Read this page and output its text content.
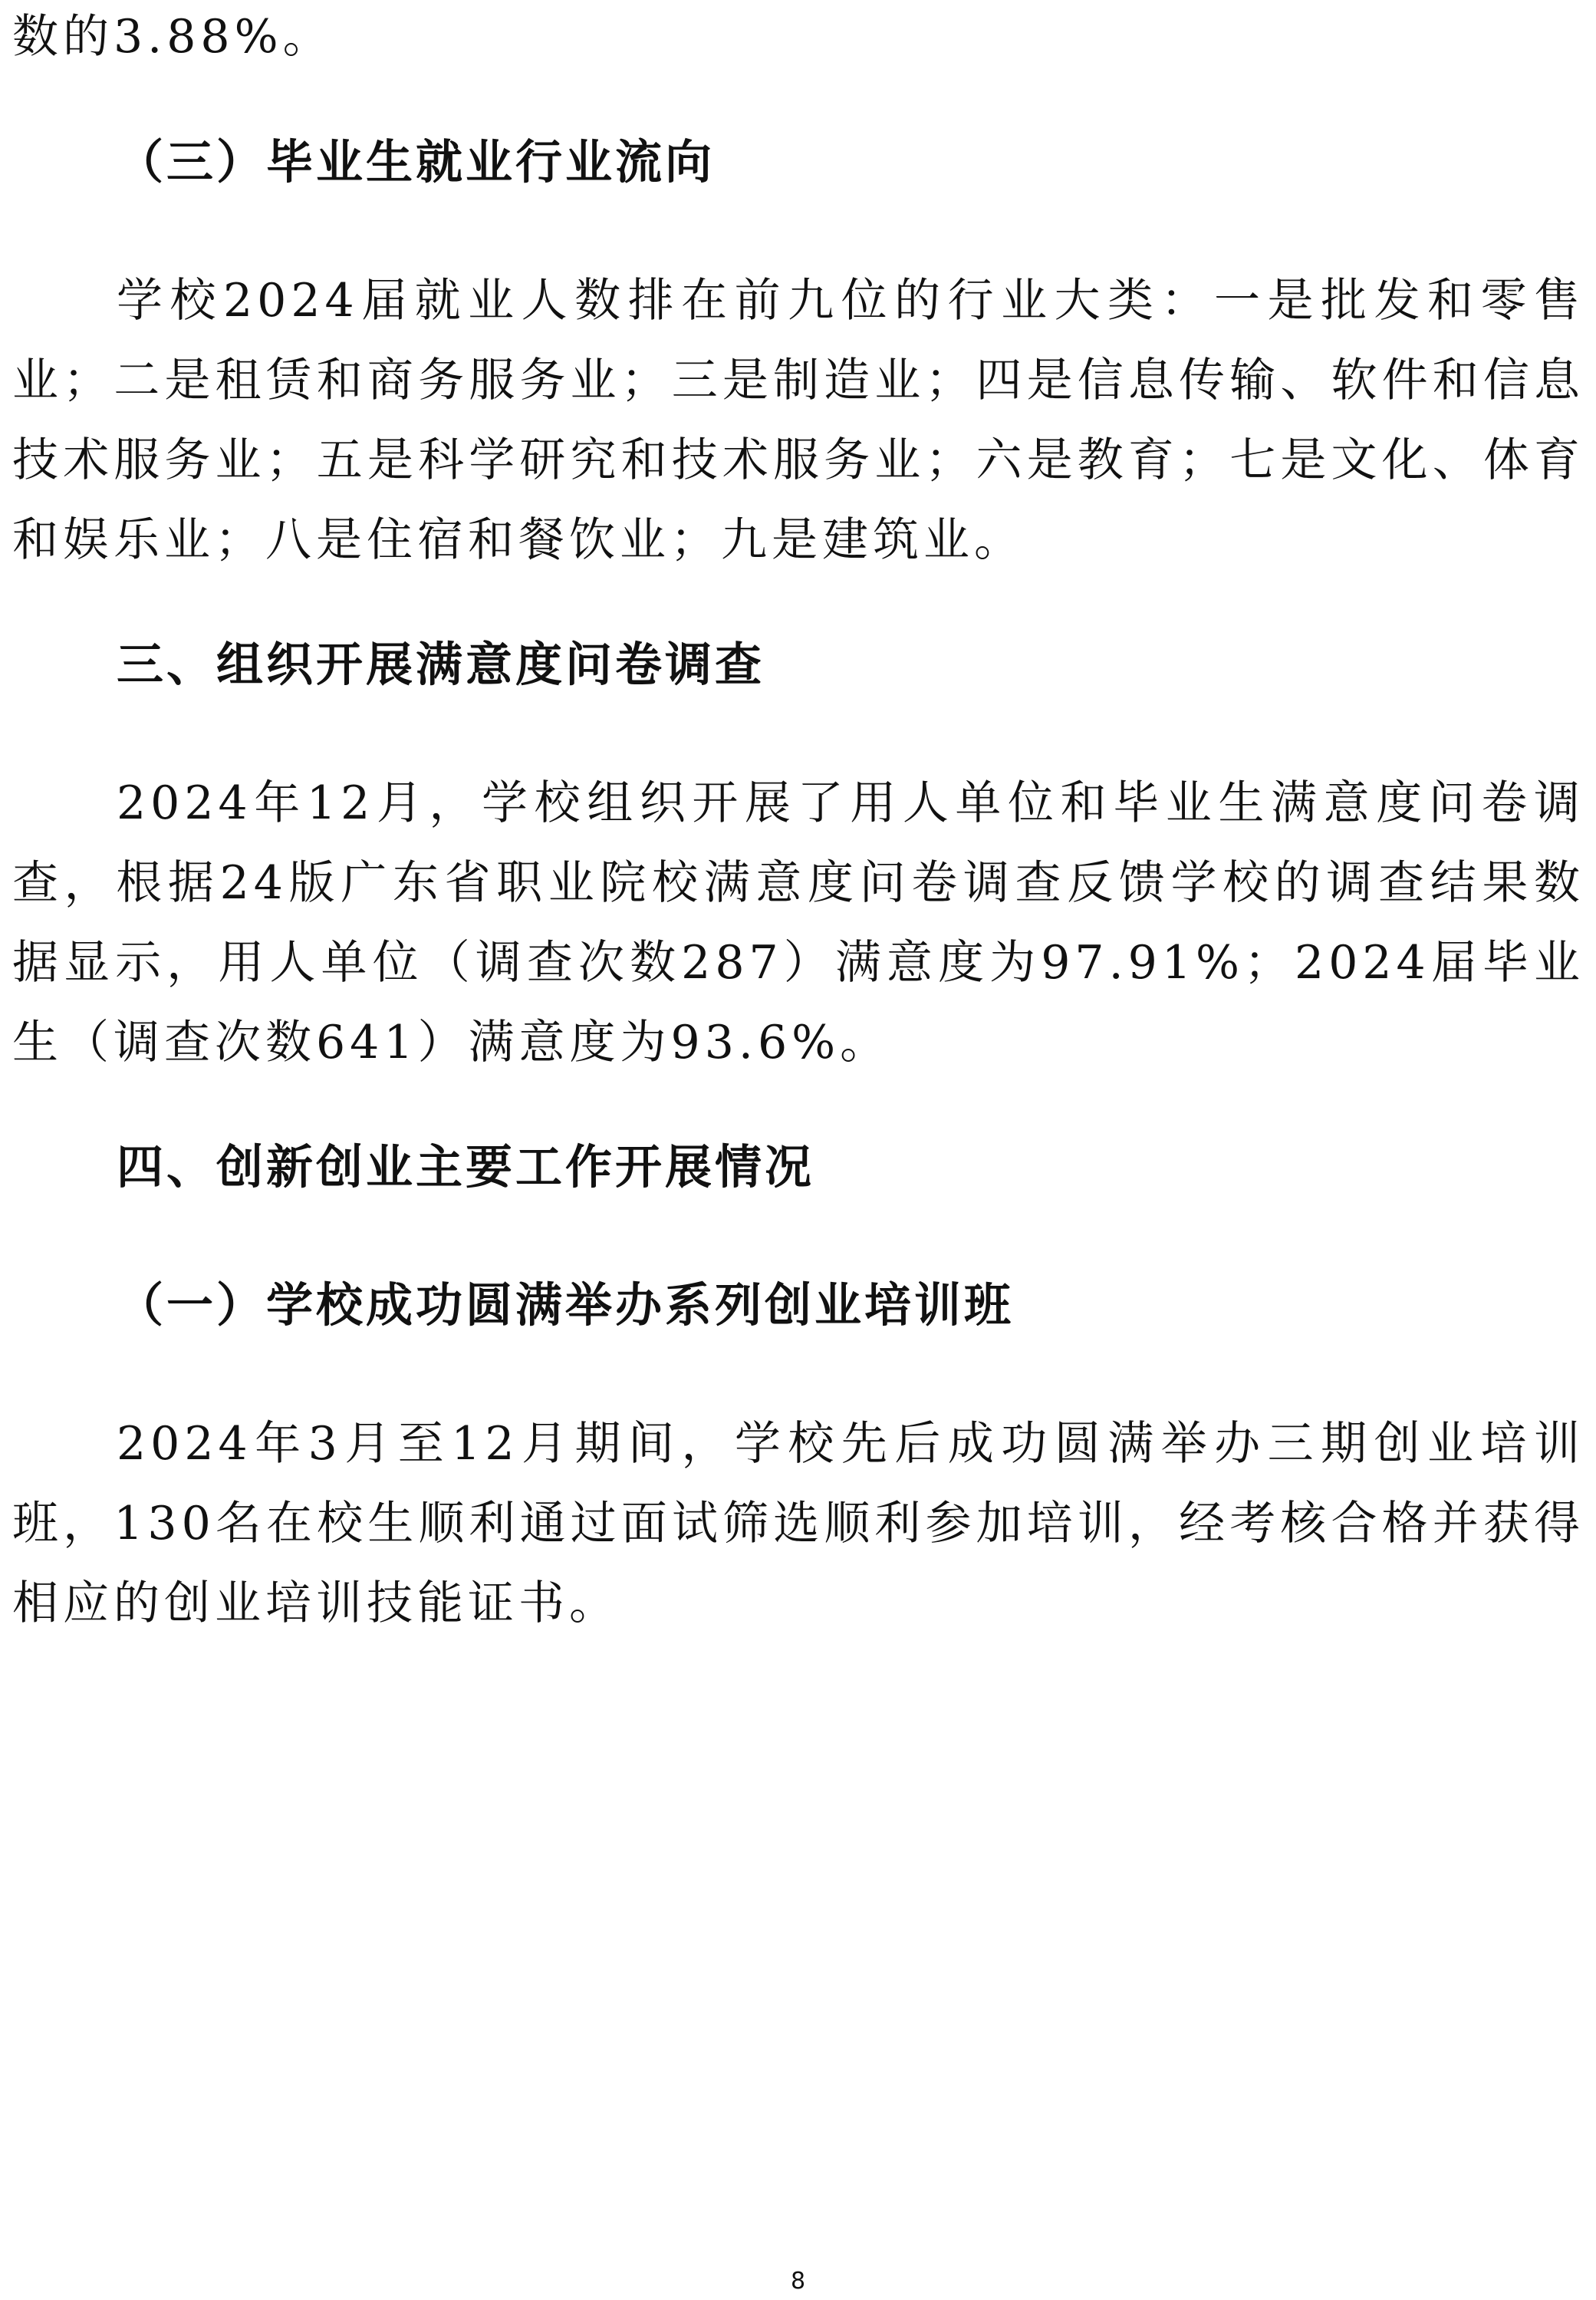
数的3.88%。

（三）毕业生就业行业流向

学校2024届就业人数排在前九位的行业大类：一是批发和零售业；二是租赁和商务服务业；三是制造业；四是信息传输、软件和信息技术服务业；五是科学研究和技术服务业；六是教育；七是文化、体育和娱乐业；八是住宿和餐饮业；九是建筑业。

三、组织开展满意度问卷调查

2024年12月，学校组织开展了用人单位和毕业生满意度问卷调查，根据24版广东省职业院校满意度问卷调查反馈学校的调查结果数据显示，用人单位（调查次数287）满意度为97.91%；2024届毕业生（调查次数641）满意度为93.6%。

四、创新创业主要工作开展情况
（一）学校成功圆满举办系列创业培训班

2024年3月至12月期间，学校先后成功圆满举办三期创业培训班，130名在校生顺利通过面试筛选顺利参加培训，经考核合格并获得相应的创业培训技能证书。

8
